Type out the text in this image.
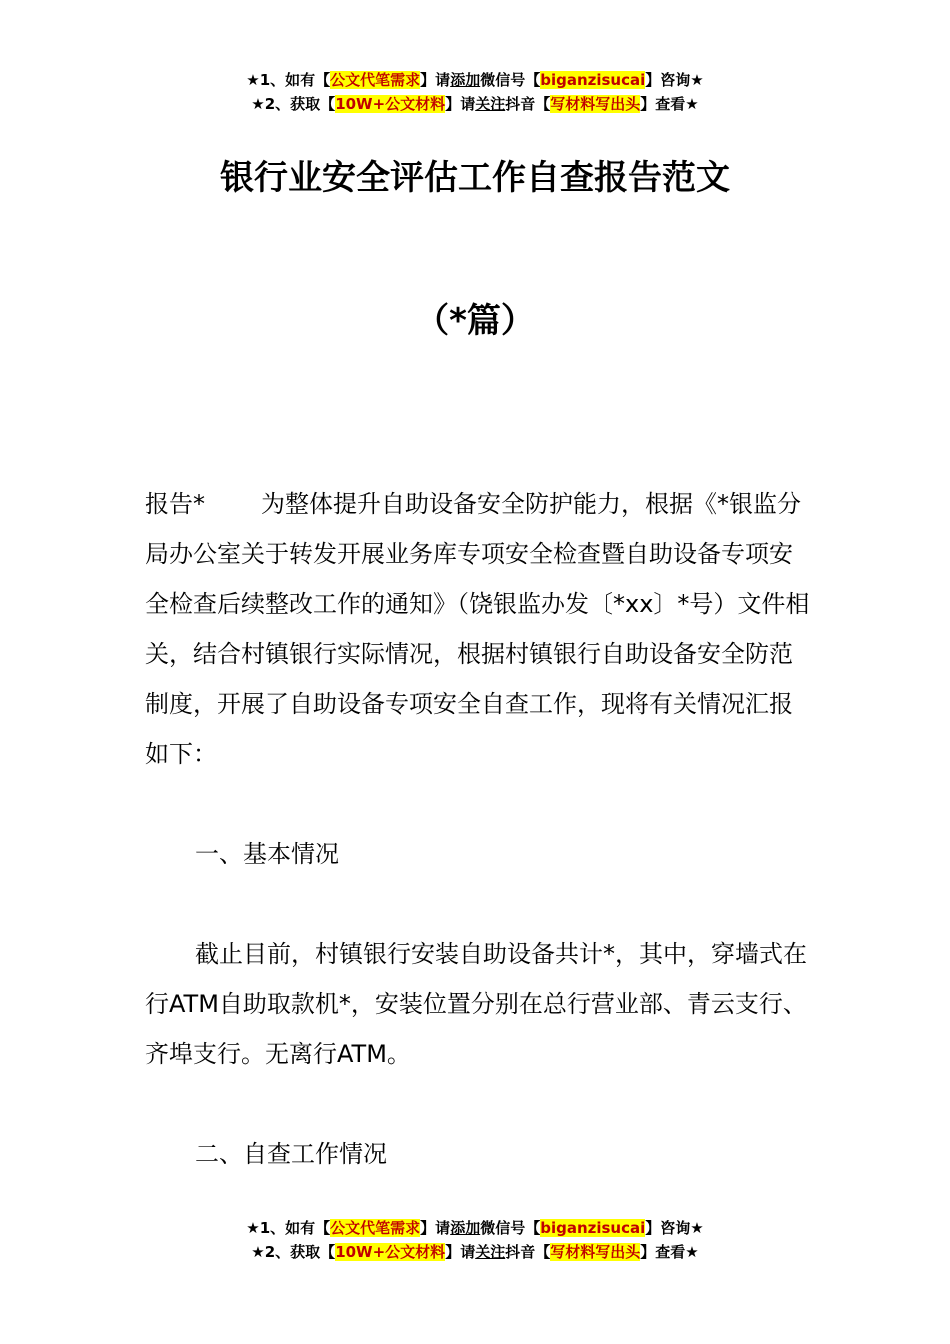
★1、如有【公文代笔需求】请添加微信号【biganzisucai】咨询★
★2、获取【10W+公文材料】请关注抖音【写材料写出头】查看★
银行业安全评估工作自查报告范文
（*篇）
报告* 为整体提升自助设备安全防护能力，根据《*银监分局办公室关于转发开展业务库专项安全检查暨自助设备专项安全检查后续整改工作的通知》（饶银监办发〔*xx〕*号）文件相关，结合村镇银行实际情况，根据村镇银行自助设备安全防范制度，开展了自助设备专项安全自查工作，现将有关情况汇报如下：
一、基本情况
截止目前，村镇银行安装自助设备共计*，其中，穿墙式在行ATM自助取款机*，安装位置分别在总行营业部、青云支行、齐埠支行。无离行ATM。
二、自查工作情况
★1、如有【公文代笔需求】请添加微信号【biganzisucai】咨询★
★2、获取【10W+公文材料】请关注抖音【写材料写出头】查看★
